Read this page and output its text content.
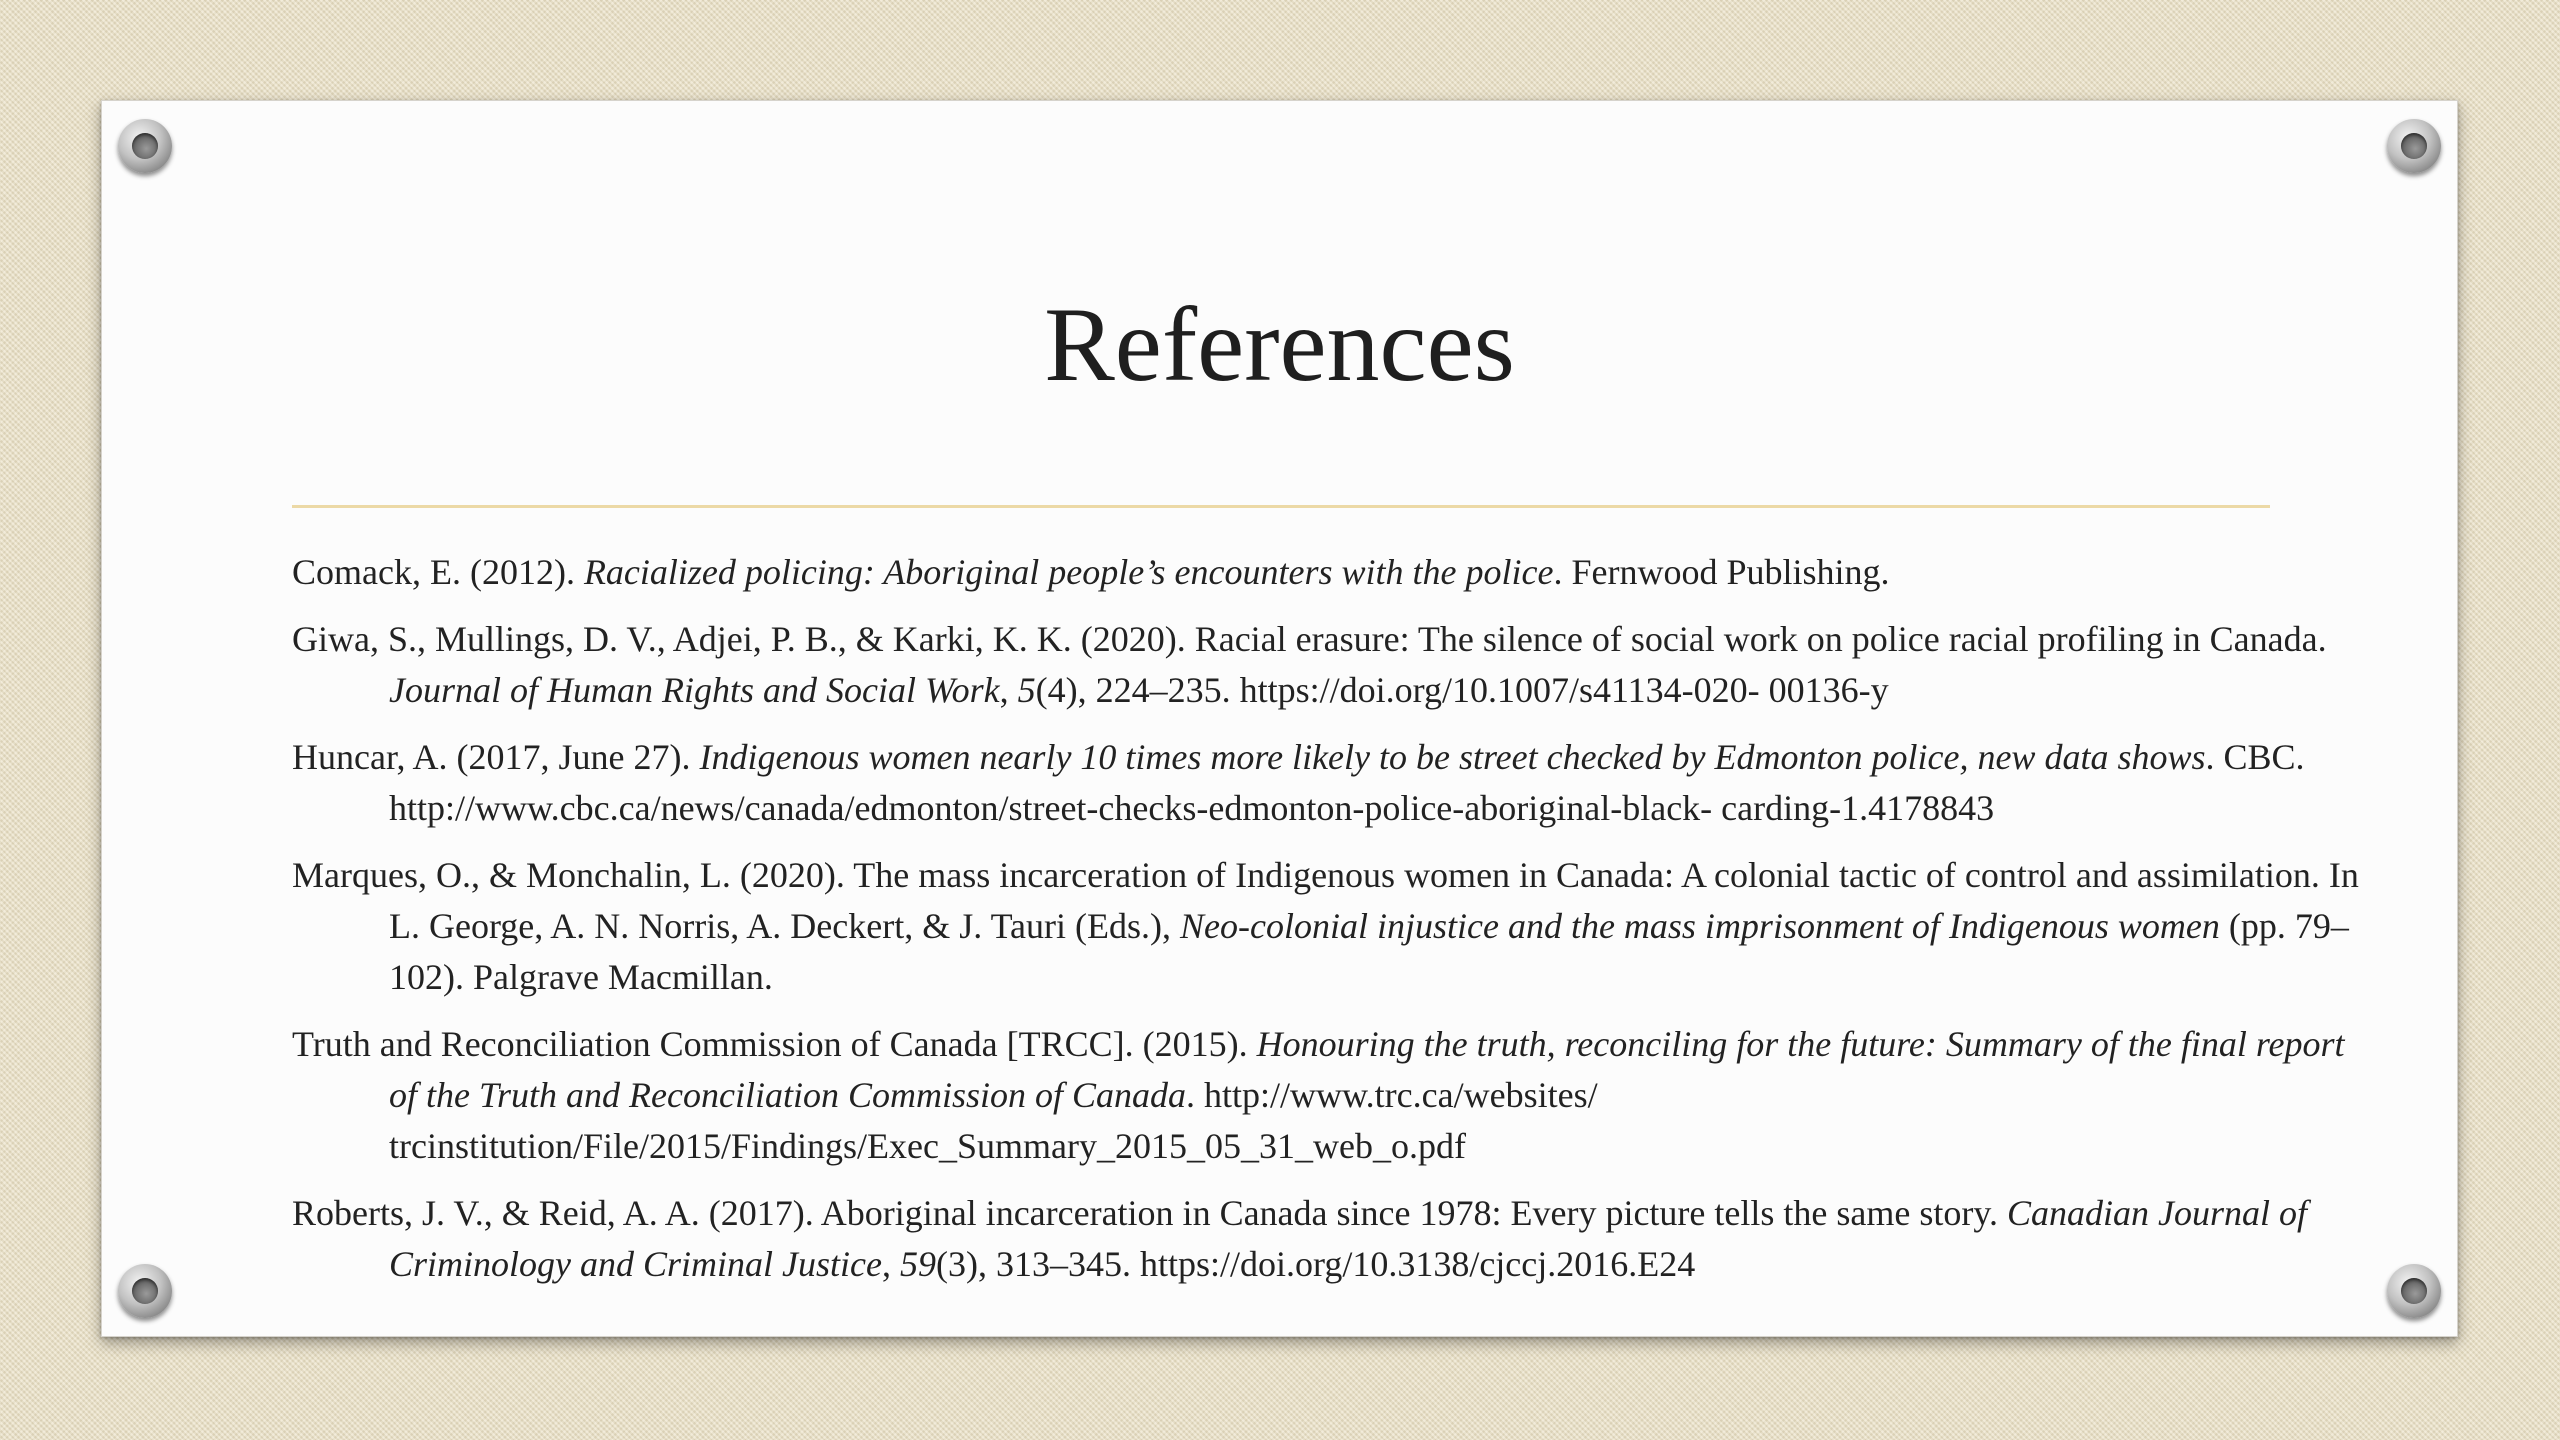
References
Comack, E. (2012). Racialized policing: Aboriginal people’s encounters with the police. Fernwood Publishing.
Giwa, S., Mullings, D. V., Adjei, P. B., & Karki, K. K. (2020). Racial erasure: The silence of social work on police racial profiling in Canada. Journal of Human Rights and Social Work, 5(4), 224–235. https://doi.org/10.1007/s41134-020- 00136-y
Huncar, A. (2017, June 27). Indigenous women nearly 10 times more likely to be street checked by Edmonton police, new data shows. CBC. http://www.cbc.ca/news/canada/edmonton/street-checks-edmonton-police-aboriginal-black- carding-1.4178843
Marques, O., & Monchalin, L. (2020). The mass incarceration of Indigenous women in Canada: A colonial tactic of control and assimilation. In L. George, A. N. Norris, A. Deckert, & J. Tauri (Eds.), Neo-colonial injustice and the mass imprisonment of Indigenous women (pp. 79–102). Palgrave Macmillan.
Truth and Reconciliation Commission of Canada [TRCC]. (2015). Honouring the truth, reconciling for the future: Summary of the final report of the Truth and Reconciliation Commission of Canada. http://www.trc.ca/websites/ trcinstitution/File/2015/Findings/Exec_Summary_2015_05_31_web_o.pdf
Roberts, J. V., & Reid, A. A. (2017). Aboriginal incarceration in Canada since 1978: Every picture tells the same story. Canadian Journal of Criminology and Criminal Justice, 59(3), 313–345. https://doi.org/10.3138/cjccj.2016.E24
